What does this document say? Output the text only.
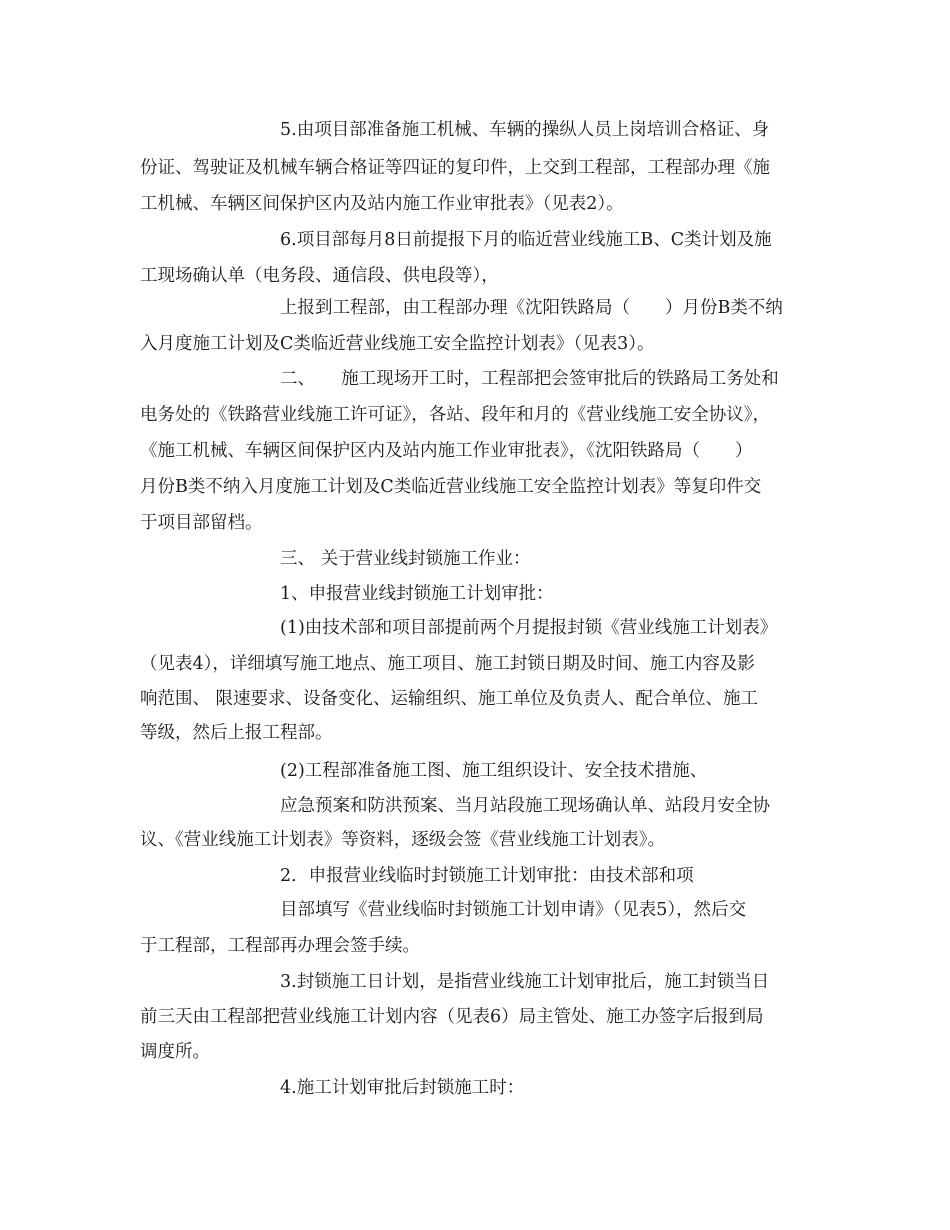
5.由项目部准备施工机械、车辆的操纵人员上岗培训合格证、身
份证、驾驶证及机械车辆合格证等四证的复印件，上交到工程部，工程部办理《施
工机械、车辆区间保护区内及站内施工作业审批表》（见表2）。
6.项目部每月8日前提报下月的临近营业线施工B、C类计划及施
工现场确认单（电务段、通信段、供电段等），
上报到工程部，由工程部办理《沈阳铁路局（　　）月份B类不纳
入月度施工计划及C类临近营业线施工安全监控计划表》（见表3）。
二、　　施工现场开工时，工程部把会签审批后的铁路局工务处和
电务处的《铁路营业线施工许可证》，各站、段年和月的《营业线施工安全协议》，
《施工机械、车辆区间保护区内及站内施工作业审批表》，《沈阳铁路局（　　）
月份B类不纳入月度施工计划及C类临近营业线施工安全监控计划表》等复印件交
于项目部留档。
三、 关于营业线封锁施工作业：
1、申报营业线封锁施工计划审批：
(1)由技术部和项目部提前两个月提报封锁《营业线施工计划表》
（见表4），详细填写施工地点、施工项目、施工封锁日期及时间、施工内容及影
响范围、 限速要求、设备变化、运输组织、施工单位及负责人、配合单位、施工
等级，然后上报工程部。
(2)工程部准备施工图、施工组织设计、安全技术措施、
应急预案和防洪预案、当月站段施工现场确认单、站段月安全协
议、《营业线施工计划表》等资料，逐级会签《营业线施工计划表》。
2．申报营业线临时封锁施工计划审批：由技术部和项
目部填写《营业线临时封锁施工计划申请》（见表5），然后交
于工程部，工程部再办理会签手续。
3.封锁施工日计划，是指营业线施工计划审批后，施工封锁当日
前三天由工程部把营业线施工计划内容（见表6）局主管处、施工办签字后报到局
调度所。
4.施工计划审批后封锁施工时：
